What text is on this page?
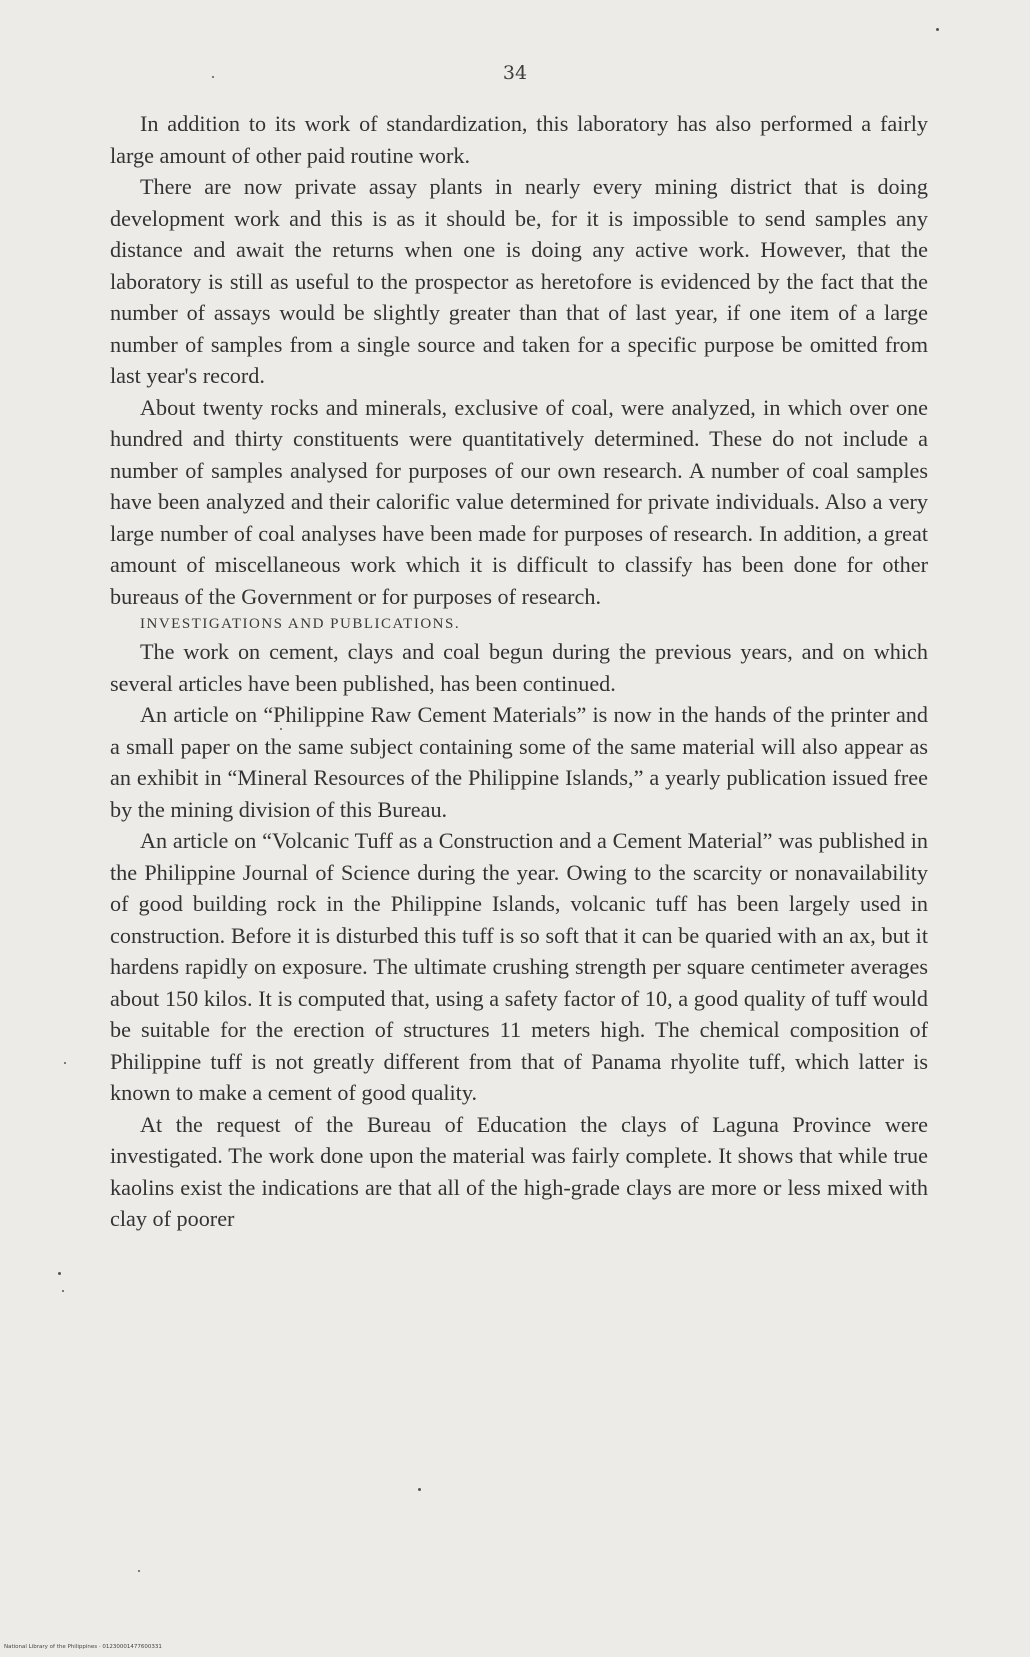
34

In addition to its work of standardization, this laboratory has also performed a fairly large amount of other paid routine work.

There are now private assay plants in nearly every mining district that is doing development work and this is as it should be, for it is impossible to send samples any distance and await the returns when one is doing any active work. However, that the laboratory is still as useful to the prospector as heretofore is evidenced by the fact that the number of assays would be slightly greater than that of last year, if one item of a large number of samples from a single source and taken for a specific purpose be omitted from last year's record.

About twenty rocks and minerals, exclusive of coal, were analyzed, in which over one hundred and thirty constituents were quantitatively determined. These do not include a number of samples analysed for purposes of our own research. A number of coal samples have been analyzed and their calorific value determined for private individuals. Also a very large number of coal analyses have been made for purposes of research. In addition, a great amount of miscellaneous work which it is difficult to classify has been done for other bureaus of the Government or for purposes of research.

INVESTIGATIONS AND PUBLICATIONS.

The work on cement, clays and coal begun during the previous years, and on which several articles have been published, has been continued.

An article on “Philippine Raw Cement Materials” is now in the hands of the printer and a small paper on the same subject containing some of the same material will also appear as an exhibit in “Mineral Resources of the Philippine Islands,” a yearly publication issued free by the mining division of this Bureau.

An article on “Volcanic Tuff as a Construction and a Cement Material” was published in the Philippine Journal of Science during the year. Owing to the scarcity or nonavailability of good building rock in the Philippine Islands, volcanic tuff has been largely used in construction. Before it is disturbed this tuff is so soft that it can be quaried with an ax, but it hardens rapidly on exposure. The ultimate crushing strength per square centimeter averages about 150 kilos. It is computed that, using a safety factor of 10, a good quality of tuff would be suitable for the erection of structures 11 meters high. The chemical composition of Philippine tuff is not greatly different from that of Panama rhyolite tuff, which latter is known to make a cement of good quality.

At the request of the Bureau of Education the clays of Laguna Province were investigated. The work done upon the material was fairly complete. It shows that while true kaolins exist the indications are that all of the high-grade clays are more or less mixed with clay of poorer

National Library of the Philippines · 01230001477600331
